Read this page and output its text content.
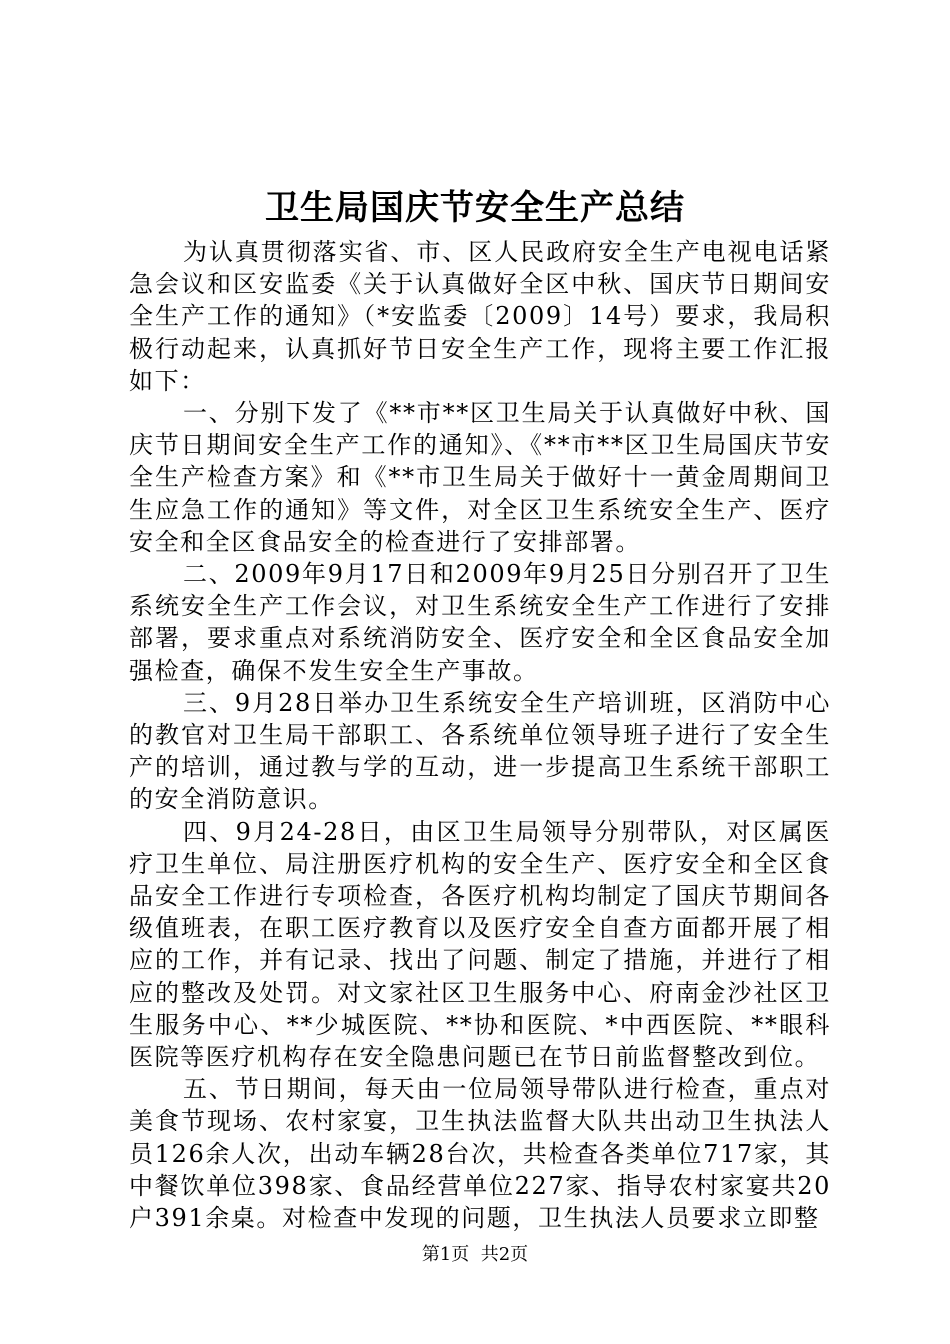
卫生局国庆节安全生产总结

为认真贯彻落实省、市、区人民政府安全生产电视电话紧急会议和区安监委《关于认真做好全区中秋、国庆节日期间安全生产工作的通知》（*安监委〔2009〕14号）要求，我局积极行动起来，认真抓好节日安全生产工作，现将主要工作汇报如下：

一、分别下发了《**市**区卫生局关于认真做好中秋、国庆节日期间安全生产工作的通知》、《**市**区卫生局国庆节安全生产检查方案》和《**市卫生局关于做好十一黄金周期间卫生应急工作的通知》等文件，对全区卫生系统安全生产、医疗安全和全区食品安全的检查进行了安排部署。

二、2009年9月17日和2009年9月25日分别召开了卫生系统安全生产工作会议，对卫生系统安全生产工作进行了安排部署，要求重点对系统消防安全、医疗安全和全区食品安全加强检查，确保不发生安全生产事故。

三、9月28日举办卫生系统安全生产培训班，区消防中心的教官对卫生局干部职工、各系统单位领导班子进行了安全生产的培训，通过教与学的互动，进一步提高卫生系统干部职工的安全消防意识。

四、9月24-28日，由区卫生局领导分别带队，对区属医疗卫生单位、局注册医疗机构的安全生产、医疗安全和全区食品安全工作进行专项检查，各医疗机构均制定了国庆节期间各级值班表，在职工医疗教育以及医疗安全自查方面都开展了相应的工作，并有记录、找出了问题、制定了措施，并进行了相应的整改及处罚。对文家社区卫生服务中心、府南金沙社区卫生服务中心、**少城医院、**协和医院、*中西医院、**眼科医院等医疗机构存在安全隐患问题已在节日前监督整改到位。

五、节日期间，每天由一位局领导带队进行检查，重点对美食节现场、农村家宴，卫生执法监督大队共出动卫生执法人员126余人次，出动车辆28台次，共检查各类单位717家，其中餐饮单位398家、食品经营单位227家、指导农村家宴共20户391余桌。对检查中发现的问题，卫生执法人员要求立即整

第1页  共2页
